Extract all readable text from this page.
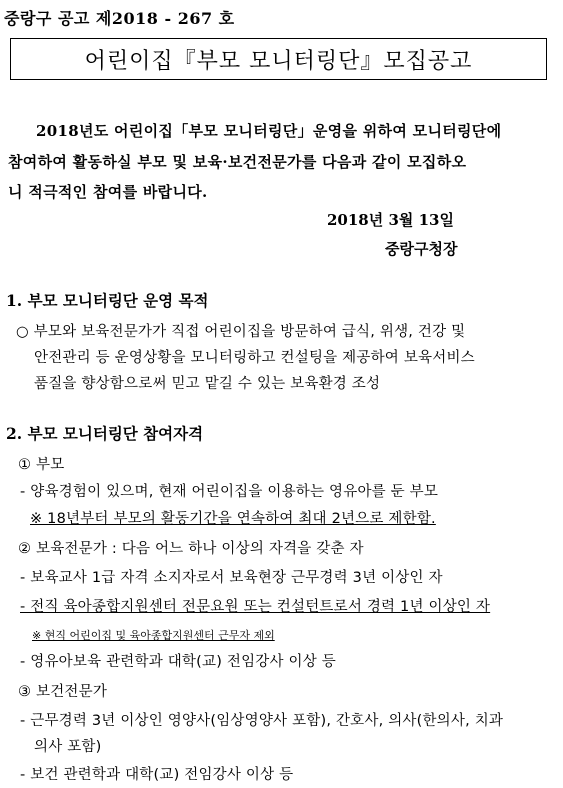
중랑구 공고 제2018 - 267 호
어린이집『부모 모니터링단』모집공고
2018년도 어린이집「부모 모니터링단」운영을 위하여 모니터링단에
참여하여 활동하실 부모 및 보육·보건전문가를 다음과 같이 모집하오
니 적극적인 참여를 바랍니다.
2018년 3월 13일
중랑구청장
1. 부모 모니터링단 운영 목적
○ 부모와 보육전문가가 직접 어린이집을 방문하여 급식, 위생, 건강 및
안전관리 등 운영상황을 모니터링하고 컨설팅을 제공하여 보육서비스
품질을 향상함으로써 믿고 맡길 수 있는 보육환경 조성
2. 부모 모니터링단 참여자격
① 부모
- 양육경험이 있으며, 현재 어린이집을 이용하는 영유아를 둔 부모
※ 18년부터 부모의 활동기간을 연속하여 최대 2년으로 제한함.
② 보육전문가 : 다음 어느 하나 이상의 자격을 갖춘 자
- 보육교사 1급 자격 소지자로서 보육현장 근무경력 3년 이상인 자
- 전직 육아종합지원센터 전문요원 또는 컨설턴트로서 경력 1년 이상인 자
※ 현직 어린이집 및 육아종합지원센터 근무자 제외
- 영유아보육 관련학과 대학(교) 전임강사 이상 등
③ 보건전문가
- 근무경력 3년 이상인 영양사(임상영양사 포함), 간호사, 의사(한의사, 치과
의사 포함)
- 보건 관련학과 대학(교) 전임강사 이상 등
